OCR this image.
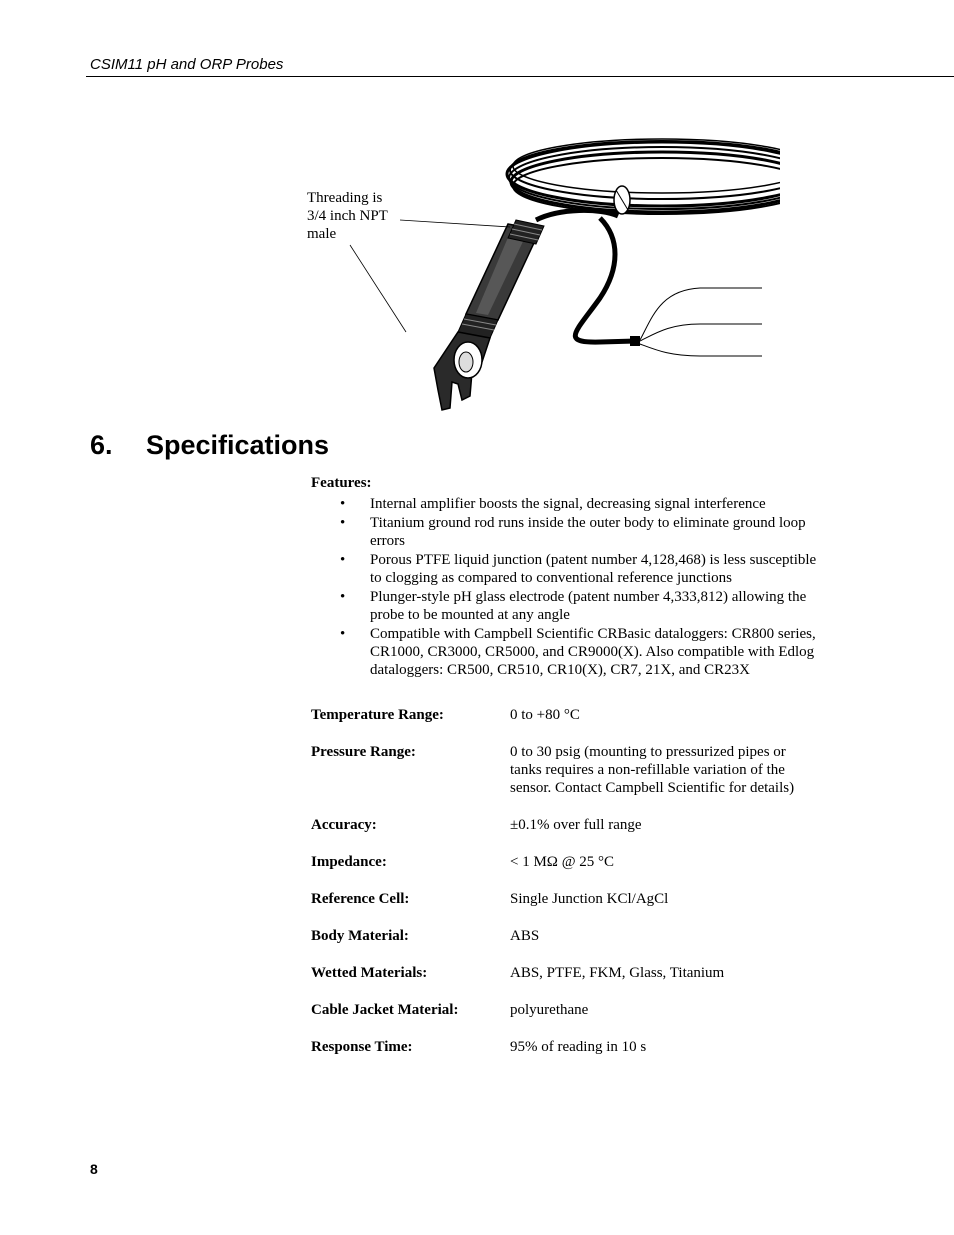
CSIM11 pH and ORP Probes
Threading is
3/4 inch NPT
male
6. Specifications

Features:

• Internal amplifier boosts the signal, decreasing signal interference
• Titanium ground rod runs inside the outer body to eliminate ground loop errors
• Porous PTFE liquid junction (patent number 4,128,468) is less susceptible to clogging as compared to conventional reference junctions
• Plunger-style pH glass electrode (patent number 4,333,812) allowing the probe to be mounted at any angle
• Compatible with Campbell Scientific CRBasic dataloggers: CR800 series, CR1000, CR3000, CR5000, and CR9000(X). Also compatible with Edlog dataloggers: CR500, CR510, CR10(X), CR7, 21X, and CR23X
Temperature Range:	0 to +80 °C
Pressure Range:	0 to 30 psig (mounting to pressurized pipes or tanks requires a non-refillable variation of the sensor. Contact Campbell Scientific for details)
Accuracy:	±0.1% over full range
Impedance:	< 1 MΩ @ 25 °C
Reference Cell:	Single Junction KCl/AgCl
Body Material:	ABS
Wetted Materials:	ABS, PTFE, FKM, Glass, Titanium
Cable Jacket Material:	polyurethane
Response Time:	95% of reading in 10 s
8
